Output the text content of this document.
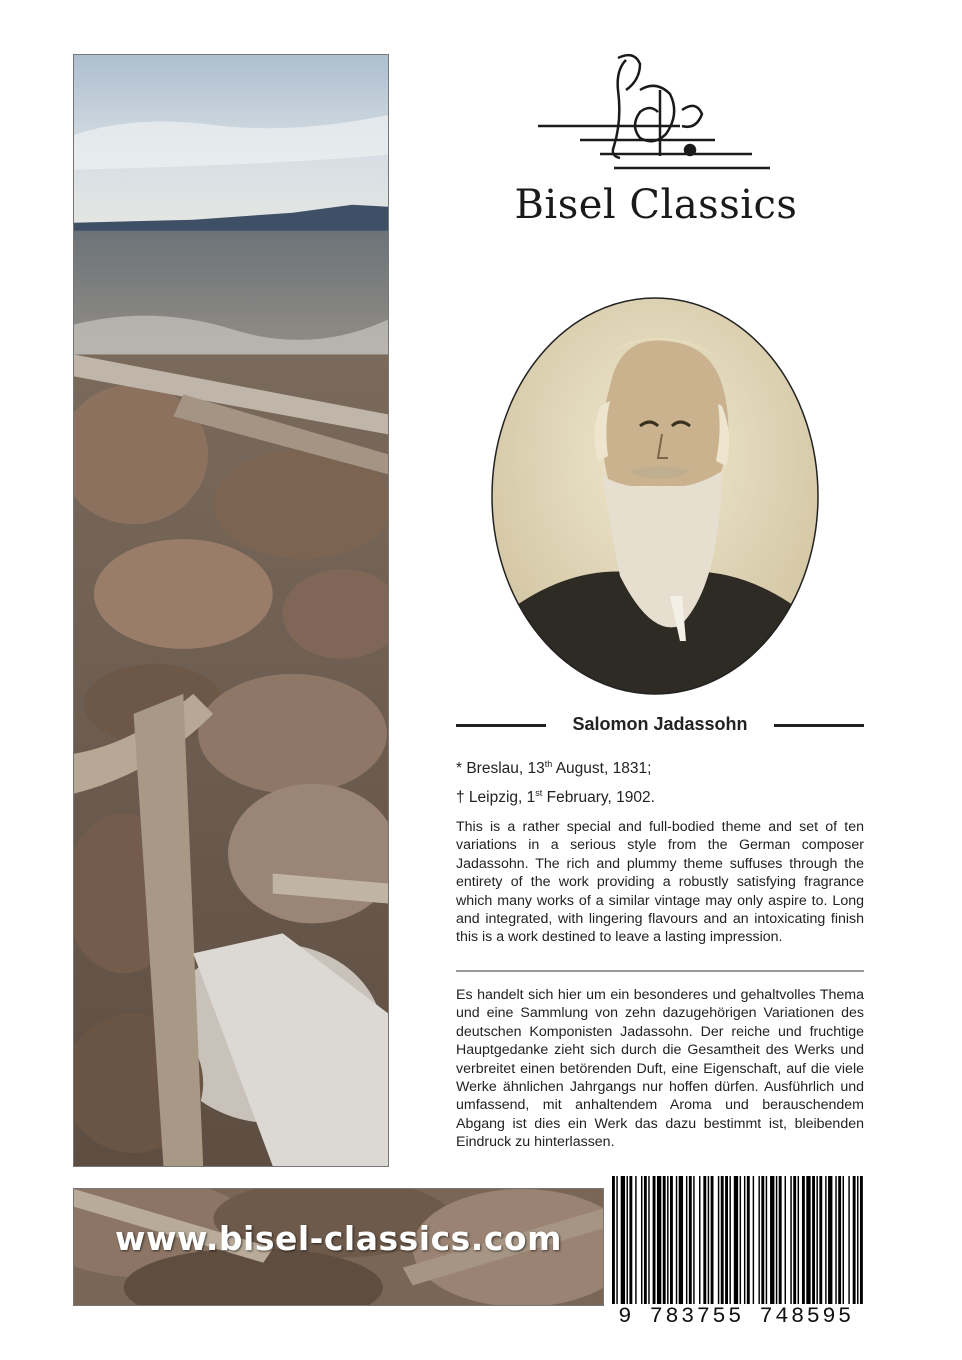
www.bisel-classics.com
Bisel Classics
Salomon Jadassohn
* Breslau, 13th August, 1831;
† Leipzig, 1st February, 1902.
This is a rather special and full-bodied theme and set of ten variations in a serious style from the German composer Jadassohn. The rich and plummy theme suffuses through the entirety of the work providing a robustly satisfying fragrance which many works of a similar vintage may only aspire to. Long and integrated, with lingering flavours and an intoxicating finish this is a work destined to leave a lasting impression.
Es handelt sich hier um ein besonderes und gehaltvolles Thema und eine Sammlung von zehn dazugehörigen Variationen des deutschen Komponisten Jadassohn. Der reiche und fruchtige Hauptgedanke zieht sich durch die Gesamtheit des Werks und verbreitet einen betörenden Duft, eine Eigenschaft, auf die viele Werke ähnlichen Jahrgangs nur hoffen dürfen. Ausführlich und umfassend, mit anhaltendem Aroma und berauschendem Abgang ist dies ein Werk das dazu bestimmt ist, bleibenden Eindruck zu hinterlassen.
9 783755 748595
